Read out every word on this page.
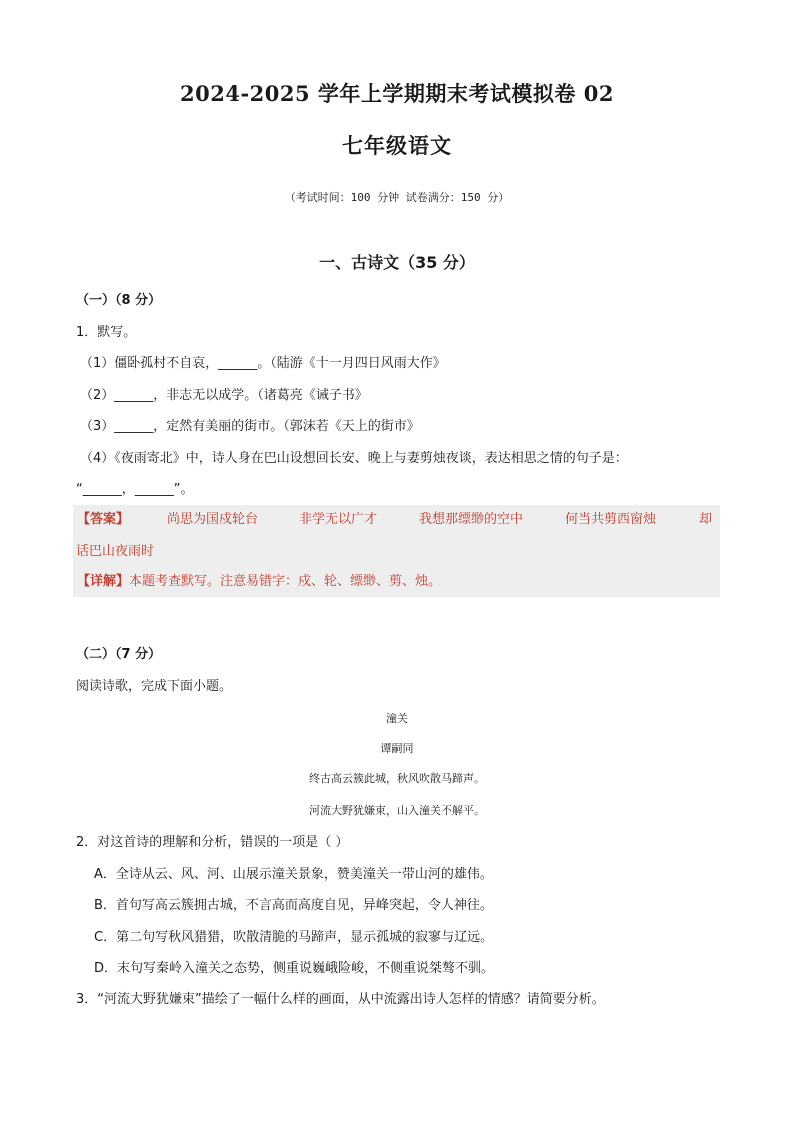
2024-2025 学年上学期期末考试模拟卷 02
七年级语文
（考试时间：100 分钟 试卷满分：150 分）
一、古诗文（35 分）
（一）（8 分）
1．默写。
（1）僵卧孤村不自哀，______。（陆游《十一月四日风雨大作》
（2）______，非志无以成学。（诸葛亮《诫子书》
（3）______，定然有美丽的街市。（郭沫若《天上的街市》
（4）《夜雨寄北》中，诗人身在巴山设想回长安、晚上与妻剪烛夜谈，表达相思之情的句子是：
“______，______”。
【答案】	尚思为国戍轮台	非学无以广才	我想那缥缈的空中	何当共剪西窗烛	却
话巴山夜雨时
【详解】本题考查默写。注意易错字：戍、轮、缥缈、剪、烛。
（二）（7 分）
阅读诗歌，完成下面小题。
潼关
谭嗣同
终古高云簇此城，秋风吹散马蹄声。
河流大野犹嫌束，山入潼关不解平。
2．对这首诗的理解和分析，错误的一项是（ ）
A．全诗从云、风、河、山展示潼关景象，赞美潼关一带山河的雄伟。
B．首句写高云簇拥古城，不言高而高度自见，异峰突起，令人神往。
C．第二句写秋风猎猎，吹散清脆的马蹄声，显示孤城的寂寥与辽远。
D．末句写秦岭入潼关之态势，侧重说巍峨险峻，不侧重说桀骜不驯。
3．“河流大野犹嫌束”描绘了一幅什么样的画面，从中流露出诗人怎样的情感？请简要分析。
